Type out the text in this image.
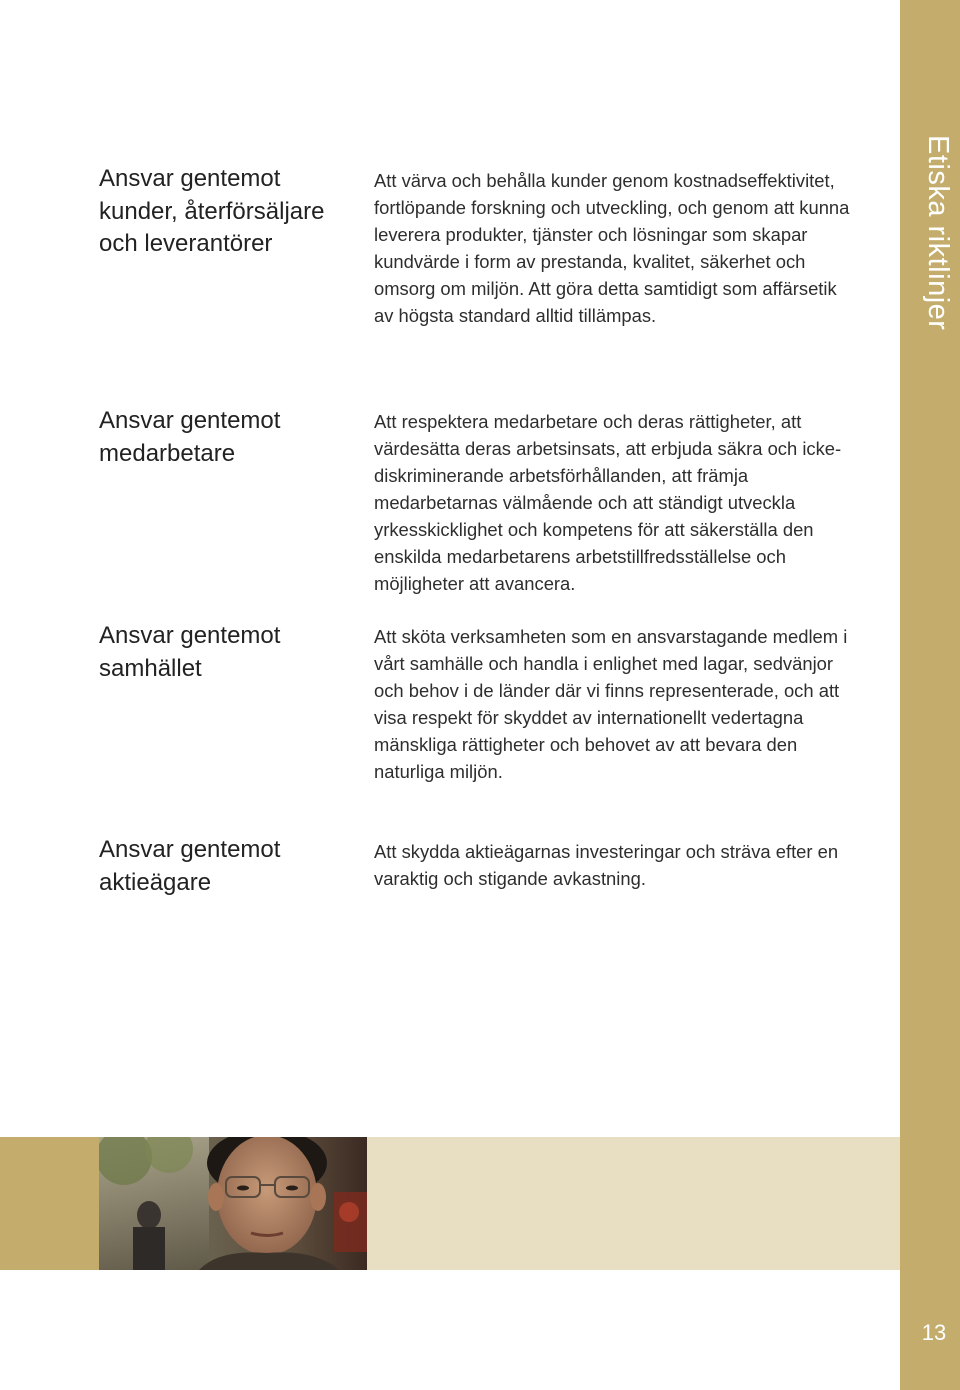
Etiska riktlinjer
Ansvar gentemot kunder, återförsäljare och leverantörer

Att värva och behålla kunder genom kostnadseffektivitet, fortlöpande forskning och utveckling, och genom att kunna leverera produkter, tjänster och lösningar som skapar kundvärde i form av prestanda, kvalitet, säkerhet och omsorg om miljön. Att göra detta samtidigt som affärsetik av högsta standard alltid tillämpas.

Ansvar gentemot medarbetare

Att respektera medarbetare och deras rättigheter, att värdesätta deras arbetsinsats, att erbjuda säkra och icke-diskriminerande arbetsförhållanden, att främja medarbetarnas välmående och att ständigt utveckla yrkesskicklighet och kompetens för att säkerställa den enskilda medarbetarens arbetstillfredsställelse och möjligheter att avancera.

Ansvar gentemot samhället

Att sköta verksamheten som en ansvarstagande medlem i vårt samhälle och handla i enlighet med lagar, sedvänjor och behov i de länder där vi finns representerade, och att visa respekt för skyddet av internationellt vedertagna mänskliga rättigheter och behovet av att bevara den naturliga miljön.

Ansvar gentemot aktieägare

Att skydda aktieägarnas investeringar och sträva efter en varaktig och stigande avkastning.

13
